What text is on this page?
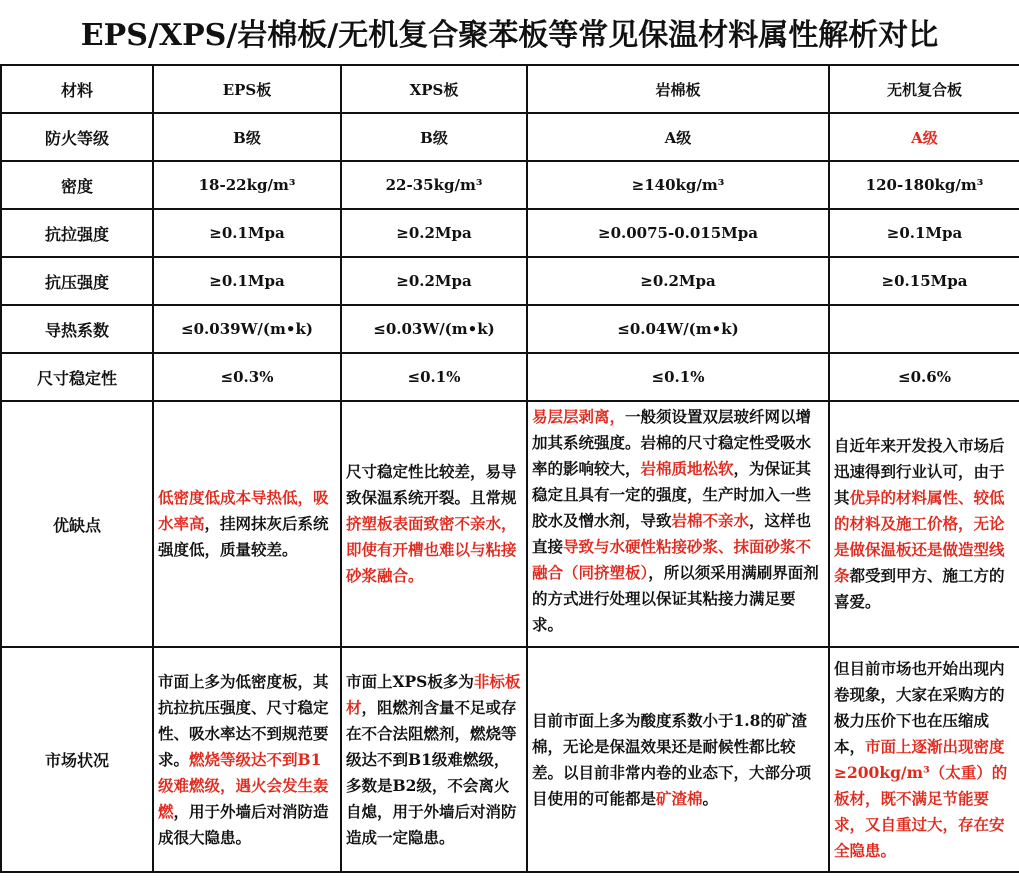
EPS/XPS/岩棉板/无机复合聚苯板等常见保温材料属性解析对比
材料	EPS板	XPS板	岩棉板	无机复合板
防火等级	B级	B级	A级	A级
密度	18-22kg/m³	22-35kg/m³	≥140kg/m³	120-180kg/m³
抗拉强度	≥0.1Mpa	≥0.2Mpa	≥0.0075-0.015Mpa	≥0.1Mpa
抗压强度	≥0.1Mpa	≥0.2Mpa	≥0.2Mpa	≥0.15Mpa
导热系数	≤0.039W/(m•k)	≤0.03W/(m•k)	≤0.04W/(m•k)	
尺寸稳定性	≤0.3%	≤0.1%	≤0.1%	≤0.6%
优缺点	低密度低成本导热低，吸水率高，挂网抹灰后系统强度低，质量较差。	尺寸稳定性比较差，易导致保温系统开裂。且常规挤塑板表面致密不亲水，即使有开槽也难以与粘接砂浆融合。	易层层剥离，一般须设置双层玻纤网以增加其系统强度。岩棉的尺寸稳定性受吸水率的影响较大，岩棉质地松软，为保证其稳定且具有一定的强度，生产时加入一些胶水及憎水剂，导致岩棉不亲水，这样也直接导致与水硬性粘接砂浆、抹面砂浆不融合（同挤塑板），所以须采用满刷界面剂的方式进行处理以保证其粘接力满足要求。	自近年来开发投入市场后迅速得到行业认可，由于其优异的材料属性、较低的材料及施工价格，无论是做保温板还是做造型线条都受到甲方、施工方的喜爱。
市场状况	市面上多为低密度板，其抗拉抗压强度、尺寸稳定性、吸水率达不到规范要求。燃烧等级达不到B1级难燃级，遇火会发生轰燃，用于外墙后对消防造成很大隐患。	市面上XPS板多为非标板材，阻燃剂含量不足或存在不合法阻燃剂，燃烧等级达不到B1级难燃级，多数是B2级，不会离火自熄，用于外墙后对消防造成一定隐患。	目前市面上多为酸度系数小于1.8的矿渣棉，无论是保温效果还是耐候性都比较差。以目前非常内卷的业态下，大部分项目使用的可能都是矿渣棉。	但目前市场也开始出现内卷现象，大家在采购方的极力压价下也在压缩成本，市面上逐渐出现密度≥200kg/m³（太重）的板材，既不满足节能要求，又自重过大，存在安全隐患。
